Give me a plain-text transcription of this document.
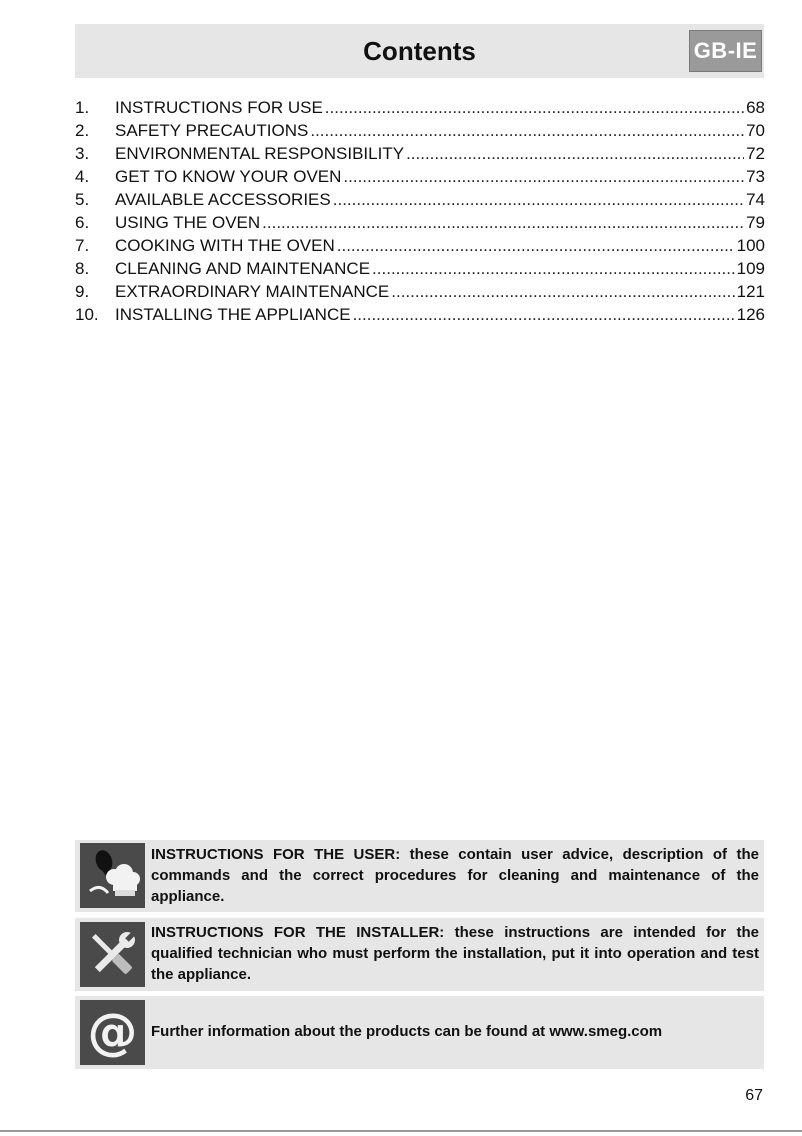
Contents	GB-IE
1.	INSTRUCTIONS FOR USE .....	68
2.	SAFETY PRECAUTIONS .....	70
3.	ENVIRONMENTAL RESPONSIBILITY .....	72
4.	GET TO KNOW YOUR OVEN .....	73
5.	AVAILABLE ACCESSORIES .....	74
6.	USING THE OVEN .....	79
7.	COOKING WITH THE OVEN .....	100
8.	CLEANING AND MAINTENANCE .....	109
9.	EXTRAORDINARY MAINTENANCE .....	121
10. INSTALLING THE APPLIANCE .....	126
INSTRUCTIONS FOR THE USER: these contain user advice, description of the commands and the correct procedures for cleaning and maintenance of the appliance.
INSTRUCTIONS FOR THE INSTALLER: these instructions are intended for the qualified technician who must perform the installation, put it into operation and test the appliance.
@ Further information about the products can be found at www.smeg.com
67
